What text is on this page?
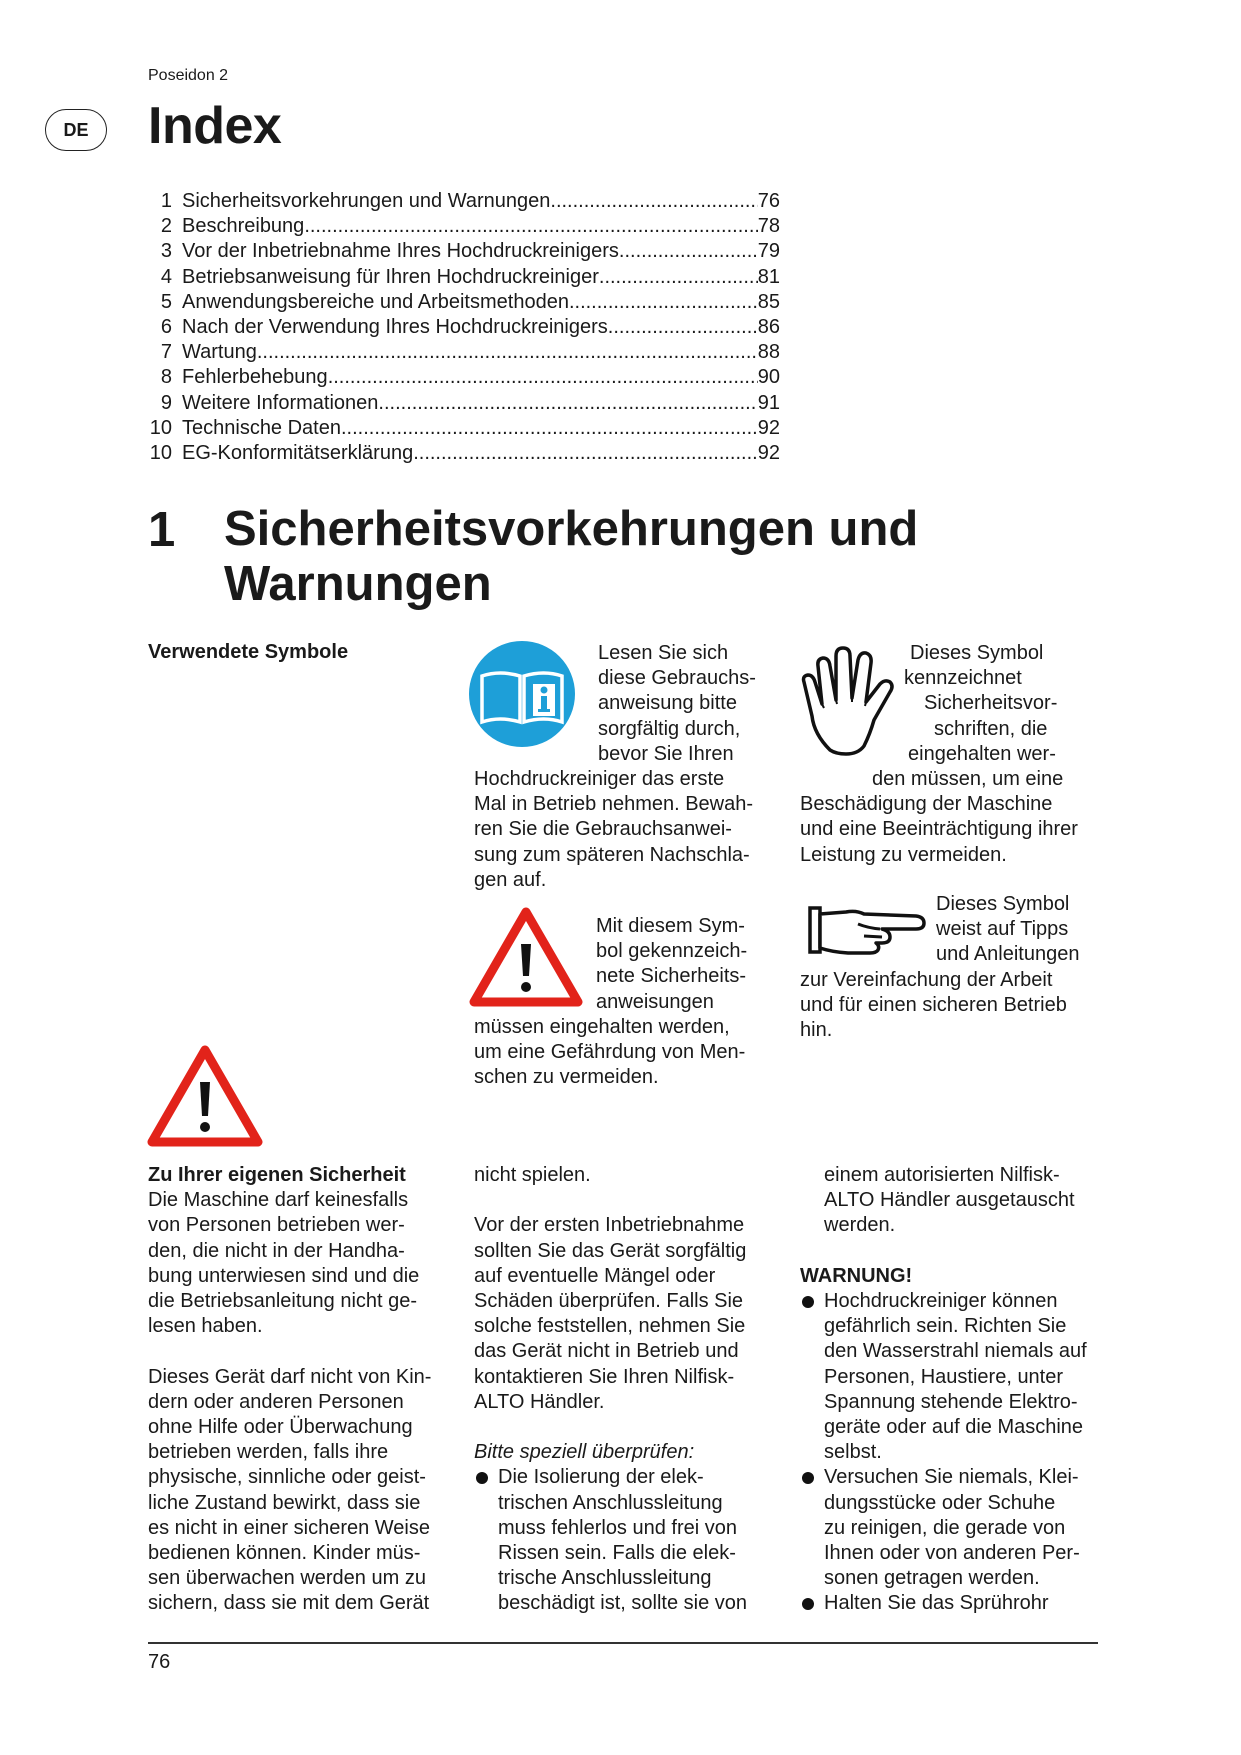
Poseidon 2
DE	Index
1 Sicherheitsvorkehrungen und Warnungen .....	76
2 Beschreibung .....	78
3 Vor der Inbetriebnahme Ihres Hochdruckreinigers .....	79
4 Betriebsanweisung für Ihren Hochdruckreiniger .....	81
5 Anwendungsbereiche und Arbeitsmethoden .....	85
6 Nach der Verwendung Ihres Hochdruckreinigers .....	86
7 Wartung .....	88
8 Fehlerbehebung .....	90
9 Weitere Informationen .....	91
10 Technische Daten .....	92
10 EG-Konformitätserklärung .....	92
1 Sicherheitsvorkehrungen und
Warnungen
Verwendete Symbole	Lesen Sie sich
diese Gebrauchs-
anweisung bitte
sorgfältig durch,
bevor Sie Ihren
Hochdruckreiniger das erste
Mal in Betrieb nehmen. Bewah-
ren Sie die Gebrauchsanwei-
sung zum späteren Nachschla-
gen auf.
Mit diesem Sym-
bol gekennzeich-
nete Sicherheits-
anweisungen
müssen eingehalten werden,
um eine Gefährdung von Men-
schen zu vermeiden.
Dieses Symbol
kennzeichnet
Sicherheitsvor-
schriften, die
eingehalten wer-
den müssen, um eine
Beschädigung der Maschine
und eine Beeinträchtigung ihrer
Leistung zu vermeiden.
Dieses Symbol
weist auf Tipps
und Anleitungen
zur Vereinfachung der Arbeit
und für einen sicheren Betrieb
hin.
Zu Ihrer eigenen Sicherheit
Die Maschine darf keinesfalls
von Personen betrieben wer-
den, die nicht in der Handha-
bung unterwiesen sind und die
die Betriebsanleitung nicht ge-
lesen haben.
Dieses Gerät darf nicht von Kin-
dern oder anderen Personen
ohne Hilfe oder Überwachung
betrieben werden, falls ihre
physische, sinnliche oder geist-
liche Zustand bewirkt, dass sie
es nicht in einer sicheren Weise
bedienen können. Kinder müs-
sen überwachen werden um zu
sichern, dass sie mit dem Gerät
nicht spielen.
Vor der ersten Inbetriebnahme
sollten Sie das Gerät sorgfältig
auf eventuelle Mängel oder
Schäden überprüfen. Falls Sie
solche feststellen, nehmen Sie
das Gerät nicht in Betrieb und
kontaktieren Sie Ihren Nilfisk-
ALTO Händler.
Bitte speziell überprüfen:
Die Isolierung der elek-
trischen Anschlussleitung
muss fehlerlos und frei von
Rissen sein. Falls die elek-
trische Anschlussleitung
beschädigt ist, sollte sie von
einem autorisierten Nilfisk-
ALTO Händler ausgetauscht
werden.
WARNUNG!
Hochdruckreiniger können
gefährlich sein. Richten Sie
den Wasserstrahl niemals auf
Personen, Haustiere, unter
Spannung stehende Elektro-
geräte oder auf die Maschine
selbst.
Versuchen Sie niemals, Klei-
dungsstücke oder Schuhe
zu reinigen, die gerade von
Ihnen oder von anderen Per-
sonen getragen werden.
Halten Sie das Sprührohr
76
